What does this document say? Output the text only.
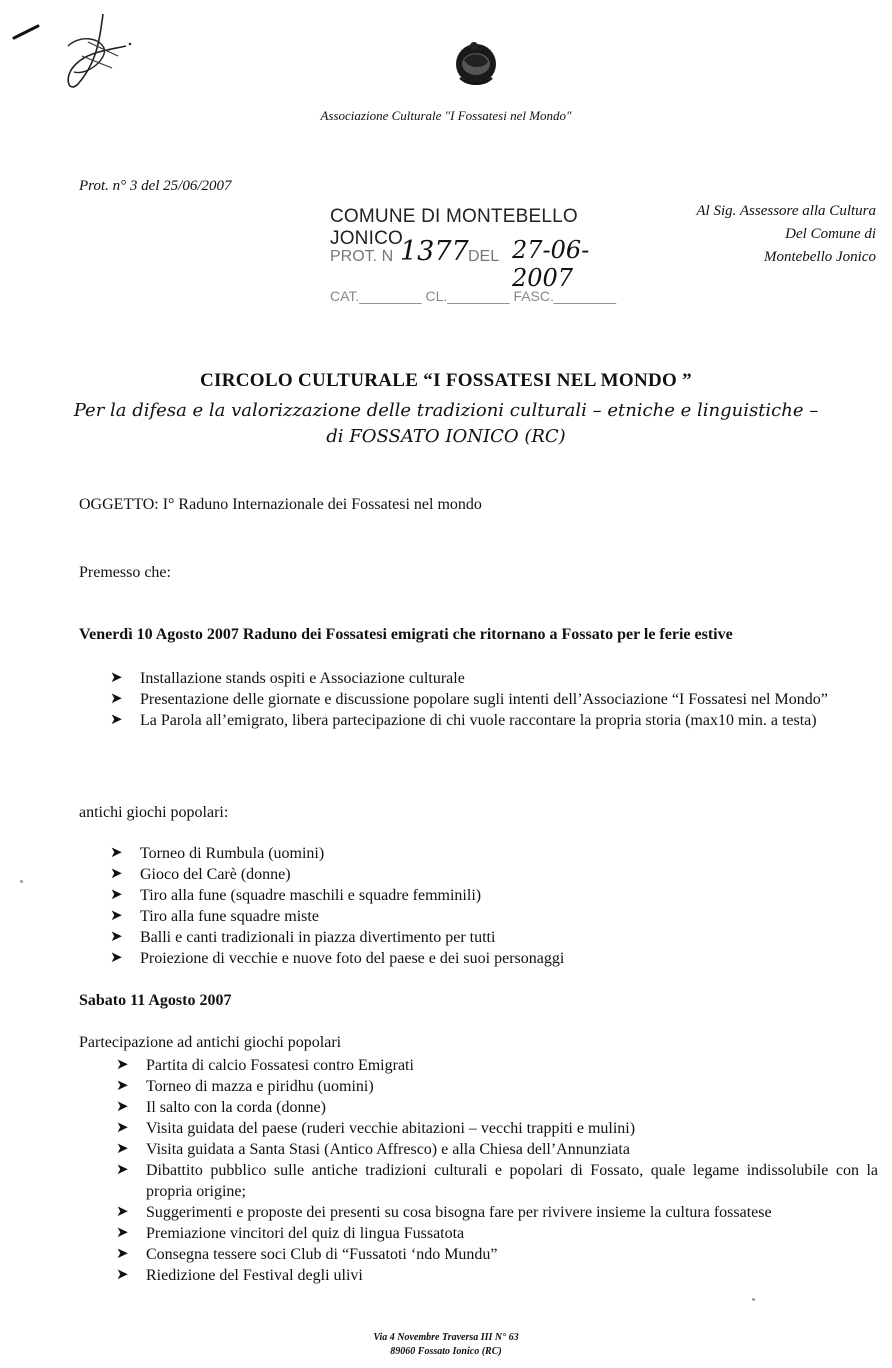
Associazione Culturale "I Fossatesi nel Mondo"
Prot. n° 3 del 25/06/2007
COMUNE DI MONTEBELLO JONICO
PROT. N 1377 DEL 27-06-2007
CAT.________ CL.________ FASC.________
Al Sig. Assessore alla Cultura
Del Comune di
Montebello Jonico
CIRCOLO CULTURALE “I FOSSATESI NEL MONDO ”
Per la difesa e la valorizzazione delle tradizioni culturali – etniche e linguistiche –
di FOSSATO IONICO (RC)
OGGETTO: I° Raduno Internazionale dei Fossatesi nel mondo
Premesso che:
Venerdì 10 Agosto 2007 Raduno dei Fossatesi emigrati che ritornano a Fossato per le ferie estive
➤ Installazione stands ospiti e Associazione culturale
➤ Presentazione delle giornate e discussione popolare sugli intenti dell’Associazione “I Fossatesi nel Mondo”
➤ La Parola all’emigrato, libera partecipazione di chi vuole raccontare la propria storia (max10 min. a testa)
antichi giochi popolari:
➤ Torneo di Rumbula (uomini)
➤ Gioco del Carè (donne)
➤ Tiro alla fune (squadre maschili e squadre femminili)
➤ Tiro alla fune squadre miste
➤ Balli e canti tradizionali in piazza divertimento per tutti
➤ Proiezione di vecchie e nuove foto del paese e dei suoi personaggi
Sabato 11 Agosto 2007
Partecipazione ad antichi giochi popolari
➤ Partita di calcio Fossatesi contro Emigrati
➤ Torneo di mazza e piridhu (uomini)
➤ Il salto con la corda (donne)
➤ Visita guidata del paese (ruderi vecchie abitazioni – vecchi trappiti e mulini)
➤ Visita guidata a Santa Stasi (Antico Affresco) e alla Chiesa dell’Annunziata
➤ Dibattito pubblico sulle antiche tradizioni culturali e popolari di Fossato, quale legame indissolubile con la propria origine;
➤ Suggerimenti e proposte dei presenti su cosa bisogna fare per rivivere insieme la cultura fossatese
➤ Premiazione vincitori del quiz di lingua Fussatota
➤ Consegna tessere soci Club di “Fussatoti ‘ndo Mundu”
➤ Riedizione del Festival degli ulivi
Via 4 Novembre Traversa III N° 63
89060 Fossato Ionico (RC)
